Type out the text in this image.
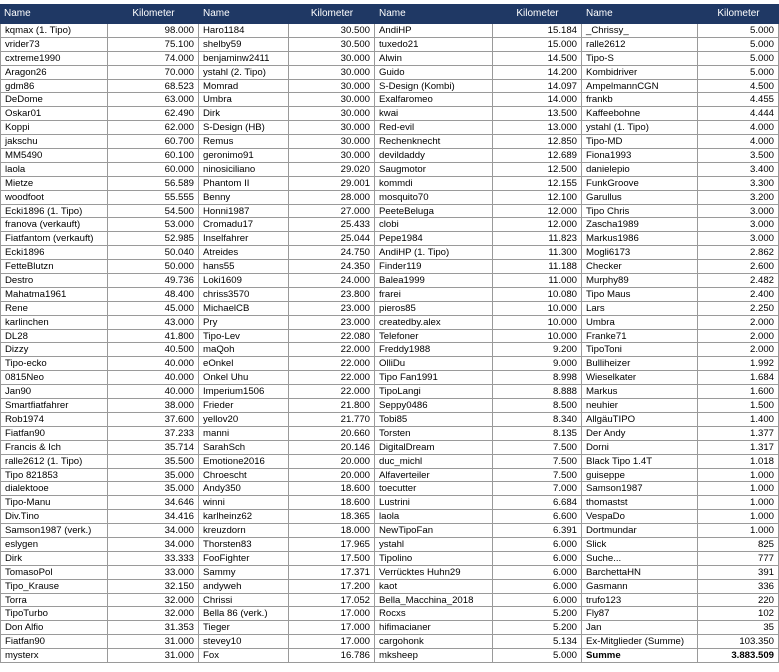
Name	Kilometer	Name	Kilometer	Name	Kilometer	Name	Kilometer
kqmax (1. Tipo)	98.000 Haro1184	30.500 AndiHP	15.184 _Chrissy_	5.000
vrider73	75.100 shelby59	30.500 tuxedo21	15.000 ralle2612	5.000
cxtreme1990	74.000 benjaminw2411	30.000 Alwin	14.500 Tipo-S	5.000
Aragon26	70.000 ystahl (2. Tipo)	30.000 Guido	14.200 Kombidriver	5.000
gdm86	68.523 Momrad	30.000 S-Design (Kombi)	14.097 AmpelmannCGN	4.500
DeDome	63.000 Umbra	30.000 Exalfaromeo	14.000 frankb	4.455
Oskar01	62.490 Dirk	30.000 kwai	13.500 Kaffeebohne	4.444
Koppi	62.000 S-Design (HB)	30.000 Red-evil	13.000 ystahl (1. Tipo)	4.000
jakschu	60.700 Remus	30.000 Rechenknecht	12.850 Tipo-MD	4.000
MM5490	60.100 geronimo91	30.000 devildaddy	12.689 Fiona1993	3.500
laola	60.000 ninosiciliano	29.020 Saugmotor	12.500 danielepio	3.400
Mietze	56.589 Phantom II	29.001 kommdi	12.155 FunkGroove	3.300
woodfoot	55.555 Benny	28.000 mosquito70	12.100 Garullus	3.200
Ecki1896 (1. Tipo)	54.500 Honni1987	27.000 PeeteBeluga	12.000 Tipo Chris	3.000
franova (verkauft)	53.000 Cromadu17	25.433 clobi	12.000 Zascha1989	3.000
Fiatfantom (verkauft)	52.985 Inselfahrer	25.044 Pepe1984	11.823 Markus1986	3.000
Ecki1896	50.040 Atreides	24.750 AndiHP (1. Tipo)	11.300 Mogli6173	2.862
FetteBlutzn	50.000 hans55	24.350 Finder119	11.188 Checker	2.600
Destro	49.736 Loki1609	24.000 Balea1999	11.000 Murphy89	2.482
Mahatma1961	48.400 chriss3570	23.800 frarei	10.080 Tipo Maus	2.400
Rene	45.000 MichaelCB	23.000 pieros85	10.000 Lars	2.250
karlinchen	43.000 Pry	23.000 createdby.alex	10.000 Umbra	2.000
DL28	41.800 Tipo-Lev	22.080 Telefoner	10.000 Franke71	2.000
Dizzy	40.500 maQoh	22.000 Freddy1988	9.200 TipoToni	2.000
Tipo-ecko	40.000 eOnkel	22.000 OlliDu	9.000 Bulliheizer	1.992
0815Neo	40.000 Onkel Uhu	22.000 Tipo Fan1991	8.998 Wieselkater	1.684
Jan90	40.000 Imperium1506	22.000 TipoLangi	8.888 Markus	1.600
Smartfiatfahrer	38.000 Frieder	21.800 Seppy0486	8.500 neuhier	1.500
Rob1974	37.600 yellov20	21.770 Tobi85	8.340 AllgäuTIPO	1.400
Fiatfan90	37.233 manni	20.660 Torsten	8.135 Der Andy	1.377
Francis & Ich	35.714 SarahSch	20.146 DigitalDream	7.500 Dorni	1.317
ralle2612 (1. Tipo)	35.500 Emotione2016	20.000 duc_michl	7.500 Black Tipo 1.4T	1.018
Tipo 821853	35.000 Chroescht	20.000 Alfaverteiler	7.500 guiseppe	1.000
dialektooe	35.000 Andy350	18.600 toecutter	7.000 Samson1987	1.000
Tipo-Manu	34.646 winni	18.600 Lustrini	6.684 thomastst	1.000
Div.Tino	34.416 karlheinz62	18.365 laola	6.600 VespaDo	1.000
Samson1987 (verk.)	34.000 kreuzdorn	18.000 NewTipoFan	6.391 Dortmundar	1.000
eslygen	34.000 Thorsten83	17.965 ystahl	6.000 Slick	825
Dirk	33.333 FooFighter	17.500 Tipolino	6.000 Suche...	777
TomasoPol	33.000 Sammy	17.371 Verrücktes Huhn29	6.000 BarchettaHN	391
Tipo_Krause	32.150 andyweh	17.200 kaot	6.000 Gasmann	336
Torra	32.000 Chrissi	17.052 Bella_Macchina_2018	6.000 trufo123	220
TipoTurbo	32.000 Bella 86 (verk.)	17.000 Rocxs	5.200 Fly87	102
Don Alfio	31.353 Tieger	17.000 hifimacianer	5.200 Jan	35
Fiatfan90	31.000 stevey10	17.000 cargohonk	5.134 Ex-Mitglieder (Summe)	103.350
mysterx	31.000 Fox	16.786 mksheep	5.000 Summe	3.883.509
